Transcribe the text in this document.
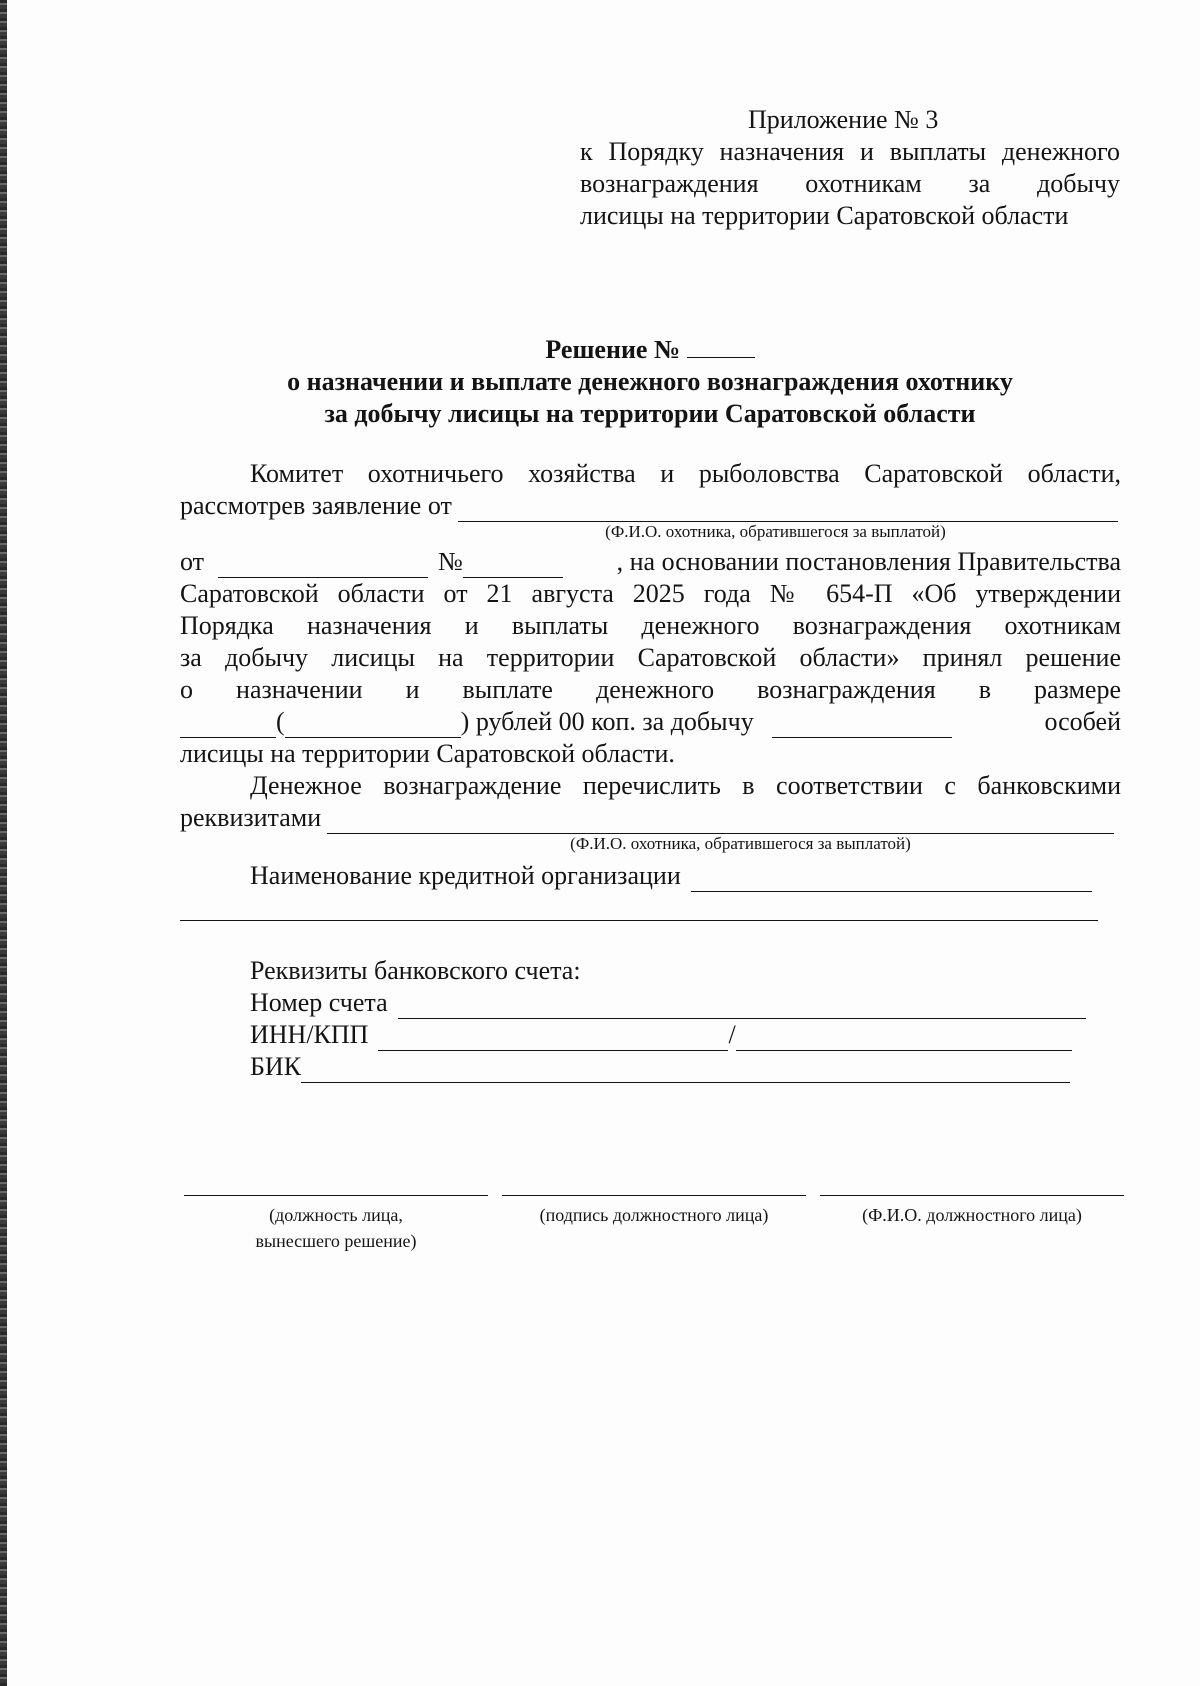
Приложение № 3
к Порядку назначения и выплаты денежного
вознаграждения охотникам за добычу
лисицы на территории Саратовской области
Решение №
о назначении и выплате денежного вознаграждения охотнику
за добычу лисицы на территории Саратовской области
Комитет охотничьего хозяйства и рыболовства Саратовской области,
рассмотрев заявление от
(Ф.И.О. охотника, обратившегося за выплатой)
от	№	, на основании постановления Правительства
Саратовской области от 21 августа 2025 года № 654-П «Об утверждении
Порядка назначения и выплаты денежного вознаграждения охотникам
за добычу лисицы на территории Саратовской области» принял решение
о назначении и выплате денежного вознаграждения в размере
(	) рублей 00 коп. за добычу	особей
лисицы на территории Саратовской области.
Денежное вознаграждение перечислить в соответствии с банковскими
реквизитами
(Ф.И.О. охотника, обратившегося за выплатой)
Наименование кредитной организации
Реквизиты банковского счета:
Номер счета
ИНН/КПП	/
БИК
(должность лица,
вынесшего решение)
(подпись должностного лица)	(Ф.И.О. должностного лица)
